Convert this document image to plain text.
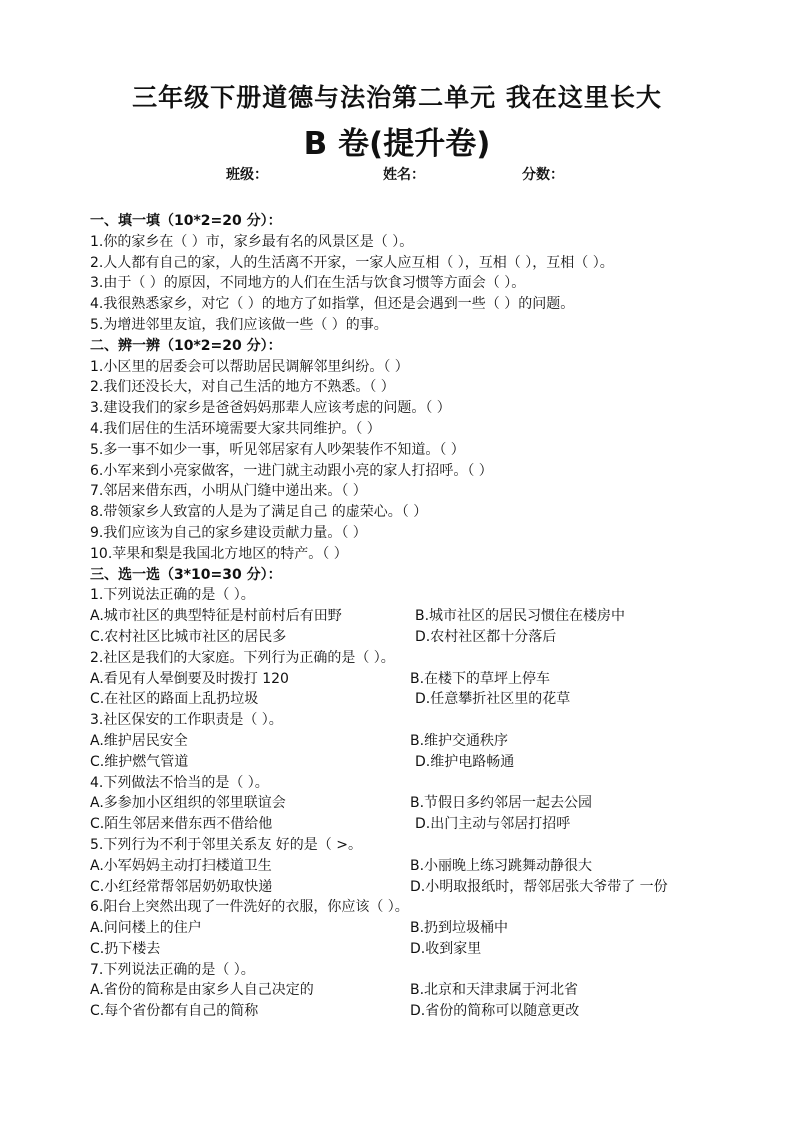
三年级下册道德与法治第二单元 我在这里长大
B 卷(提升卷)
班级：	姓名：	分数：
一、填一填（10*2=20 分）：
1.你的家乡在（ ）市，家乡最有名的风景区是（ ）。
2.人人都有自己的家，人的生活离不开家，一家人应互相（ ），互相（ ），互相（ ）。
3.由于（ ）的原因，不同地方的人们在生活与饮食习惯等方面会（ ）。
4.我很熟悉家乡，对它（ ）的地方了如指掌，但还是会遇到一些（ ）的问题。
5.为增进邻里友谊，我们应该做一些（ ）的事。
二、辨一辨（10*2=20 分）：
1.小区里的居委会可以帮助居民调解邻里纠纷。（ ）
2.我们还没长大，对自己生活的地方不熟悉。（ ）
3.建设我们的家乡是爸爸妈妈那辈人应该考虑的问题。（ ）
4.我们居住的生活环境需要大家共同维护。（ ）
5.多一事不如少一事，听见邻居家有人吵架装作不知道。（ ）
6.小军来到小亮家做客，一进门就主动跟小亮的家人打招呼。（ ）
7.邻居来借东西，小明从门缝中递出来。（ ）
8.带领家乡人致富的人是为了满足自己 的虚荣心。（ ）
9.我们应该为自己的家乡建设贡献力量。（ ）
10.苹果和梨是我国北方地区的特产。（ ）
三、选一选（3*10=30 分）：
1.下列说法正确的是（ ）。
A.城市社区的典型特征是村前村后有田野	B.城市社区的居民习惯住在楼房中
C.农村社区比城市社区的居民多	D.农村社区都十分落后
2.社区是我们的大家庭。下列行为正确的是（ ）。
A.看见有人晕倒要及时拨打 120	B.在楼下的草坪上停车
C.在社区的路面上乱扔垃圾	D.任意攀折社区里的花草
3.社区保安的工作职责是（ ）。
A.维护居民安全	B.维护交通秩序
C.维护燃气管道	D.维护电路畅通
4.下列做法不恰当的是（ ）。
A.多参加小区组织的邻里联谊会	B.节假日多约邻居一起去公园
C.陌生邻居来借东西不借给他	D.出门主动与邻居打招呼
5.下列行为不利于邻里关系友 好的是（ >。
A.小军妈妈主动打扫楼道卫生	B.小丽晚上练习跳舞动静很大
C.小红经常帮邻居奶奶取快递	D.小明取报纸时，帮邻居张大爷带了 一份
6.阳台上突然出现了一件洗好的衣服，你应该（ ）。
A.问问楼上的住户	B.扔到垃圾桶中
C.扔下楼去	D.收到家里
7.下列说法正确的是（ ）。
A.省份的简称是由家乡人自己决定的	B.北京和天津隶属于河北省
C.每个省份都有自己的简称	D.省份的简称可以随意更改
